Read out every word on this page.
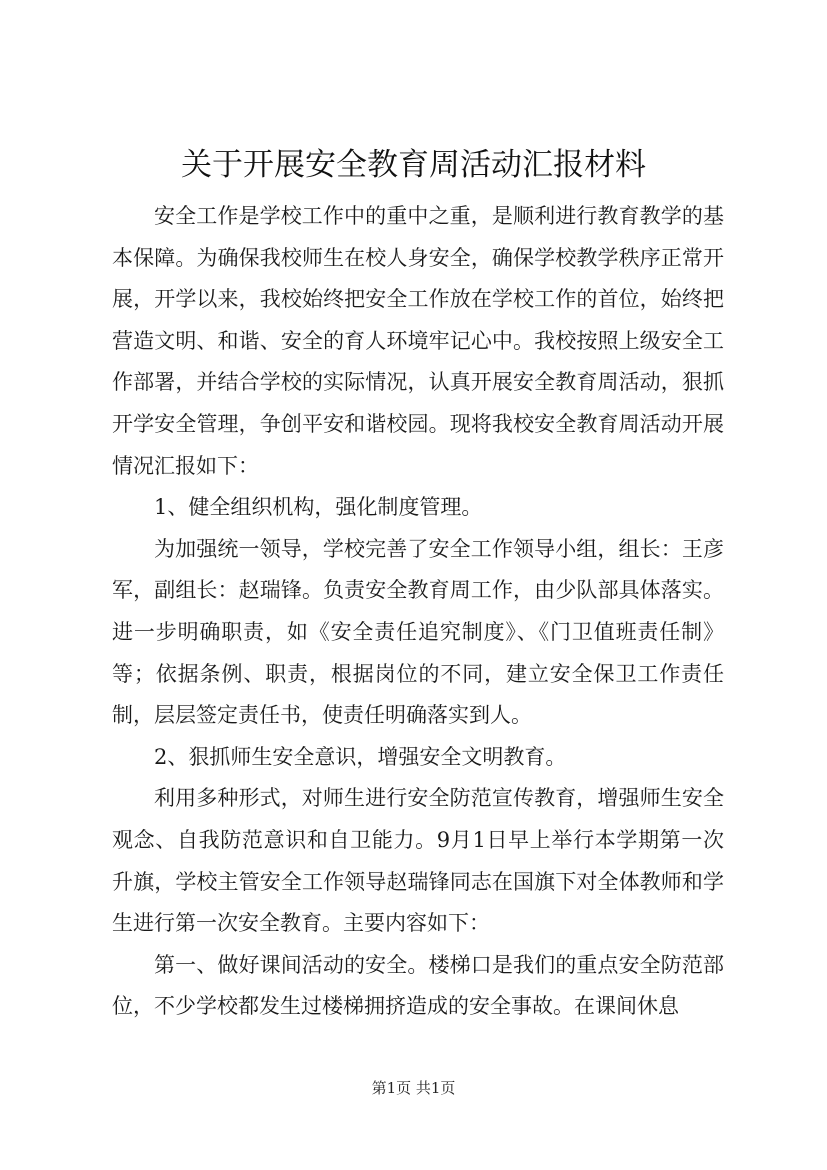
关于开展安全教育周活动汇报材料

安全工作是学校工作中的重中之重，是顺利进行教育教学的基本保障。为确保我校师生在校人身安全，确保学校教学秩序正常开展，开学以来，我校始终把安全工作放在学校工作的首位，始终把营造文明、和谐、安全的育人环境牢记心中。我校按照上级安全工作部署，并结合学校的实际情况，认真开展安全教育周活动，狠抓开学安全管理，争创平安和谐校园。现将我校安全教育周活动开展情况汇报如下：

1、健全组织机构，强化制度管理。

为加强统一领导，学校完善了安全工作领导小组，组长：王彦军，副组长：赵瑞锋。负责安全教育周工作，由少队部具体落实。进一步明确职责，如《安全责任追究制度》、《门卫值班责任制》等；依据条例、职责，根据岗位的不同，建立安全保卫工作责任制，层层签定责任书，使责任明确落实到人。

2、狠抓师生安全意识，增强安全文明教育。

利用多种形式，对师生进行安全防范宣传教育，增强师生安全观念、自我防范意识和自卫能力。9月1日早上举行本学期第一次升旗，学校主管安全工作领导赵瑞锋同志在国旗下对全体教师和学生进行第一次安全教育。主要内容如下：

第一、做好课间活动的安全。楼梯口是我们的重点安全防范部位，不少学校都发生过楼梯拥挤造成的安全事故。在课间休息

第1页 共1页
